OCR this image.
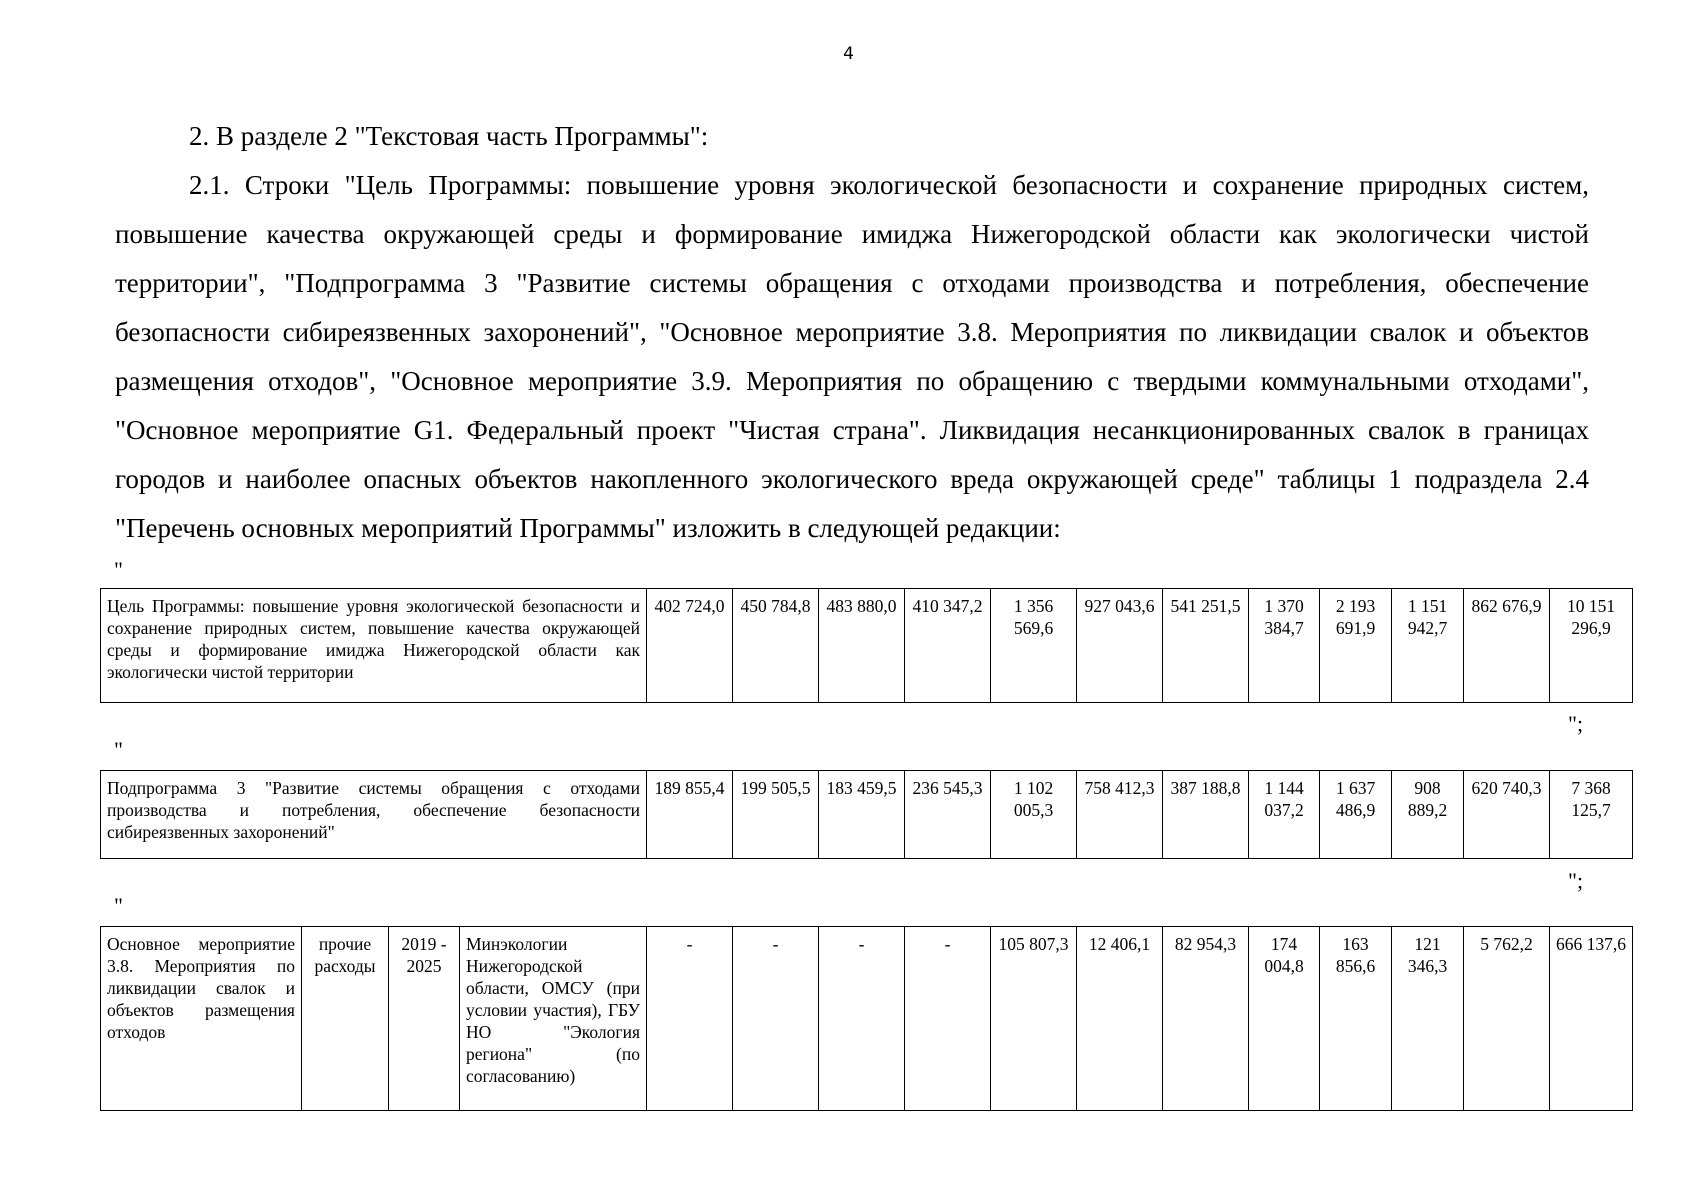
4

2. В разделе 2 "Текстовая часть Программы":

2.1. Строки "Цель Программы: повышение уровня экологической безопасности и сохранение природных систем, повышение качества окружающей среды и формирование имиджа Нижегородской области как экологически чистой территории", "Подпрограмма 3 "Развитие системы обращения с отходами производства и потребления, обеспечение безопасности сибиреязвенных захоронений", "Основное мероприятие 3.8. Мероприятия по ликвидации свалок и объектов размещения отходов", "Основное мероприятие 3.9. Мероприятия по обращению с твердыми коммунальными отходами", "Основное мероприятие G1. Федеральный проект "Чистая страна". Ликвидация несанкционированных свалок в границах городов и наиболее опасных объектов накопленного экологического вреда окружающей среде" таблицы 1 подраздела 2.4 "Перечень основных мероприятий Программы" изложить в следующей редакции:

"
Цель Программы: повышение уровня экологической безопасности и сохранение природных систем, повышение качества окружающей среды и формирование имиджа Нижегородской области как экологически чистой территории	402 724,0	450 784,8	483 880,0	410 347,2	1 356 569,6	927 043,6	541 251,5	1 370 384,7	2 193 691,9	1 151 942,7	862 676,9	10 151 296,9
";
"
Подпрограмма 3 "Развитие системы обращения с отходами производства и потребления, обеспечение безопасности сибиреязвенных захоронений"	189 855,4	199 505,5	183 459,5	236 545,3	1 102 005,3	758 412,3	387 188,8	1 144 037,2	1 637 486,9	908 889,2	620 740,3	7 368 125,7
";
"
Основное мероприятие 3.8. Мероприятия по ликвидации свалок и объектов размещения отходов	прочие расходы	2019 - 2025	Минэкологии Нижегородской области, ОМСУ (при условии участия), ГБУ НО "Экология региона" (по согласованию)	-	-	-	-	105 807,3	12 406,1	82 954,3	174 004,8	163 856,6	121 346,3	5 762,2	666 137,6
